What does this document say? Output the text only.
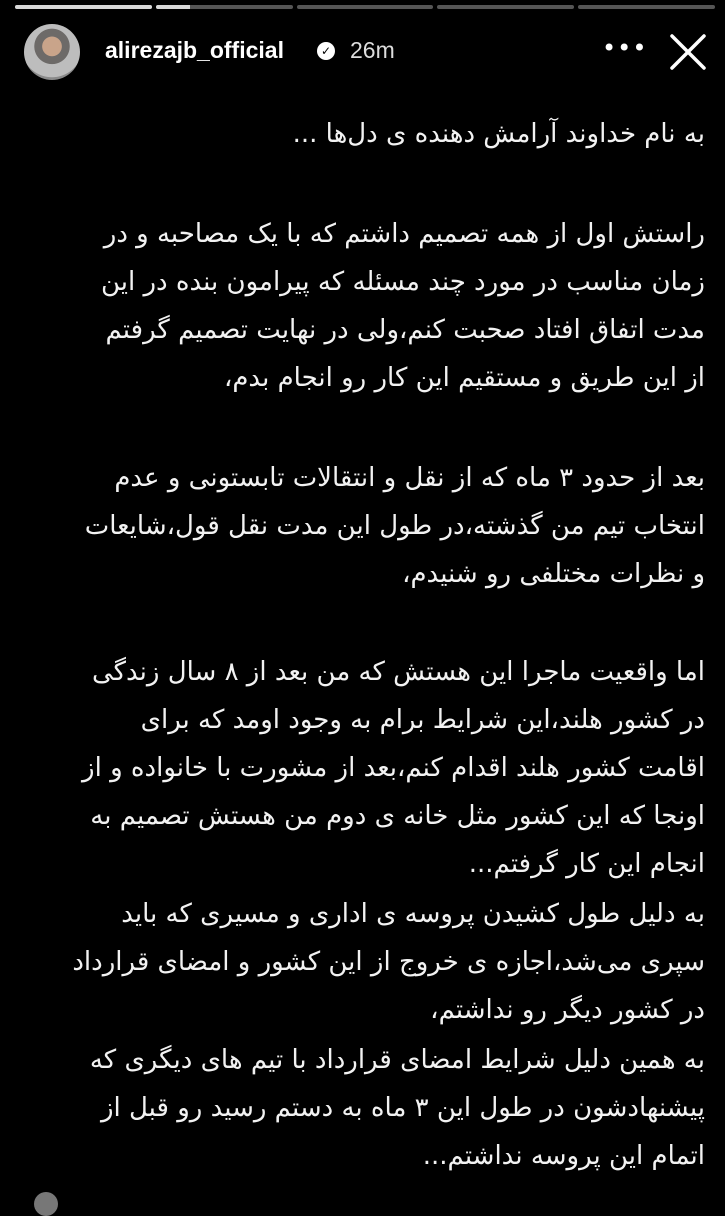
alirezajb_official	✓ 26m	•••
به نام خداوند آرامش دهنده ی دل‌ها ...
راستش اول از همه تصمیم داشتم که با یک مصاحبه و در
زمان مناسب در مورد چند مسئله که پیرامون بنده در این
مدت اتفاق افتاد صحبت کنم،ولی در نهایت تصمیم گرفتم
از این طریق و مستقیم این کار رو انجام بدم،
بعد از حدود ۳ ماه که از نقل و انتقالات تابستونی و عدم
انتخاب تیم من گذشته،در طول این مدت نقل قول،شایعات
و نظرات مختلفی رو شنیدم،
اما واقعیت ماجرا این هستش که من بعد از ۸ سال زندگی
در کشور هلند،این شرایط برام به وجود اومد که برای
اقامت کشور هلند اقدام کنم،بعد از مشورت با خانواده و از
اونجا که این کشور مثل خانه ی دوم من هستش تصمیم به
انجام این کار گرفتم...
به دلیل طول کشیدن پروسه ی اداری و مسیری که باید
سپری می‌شد،اجازه ی خروج از این کشور و امضای قرارداد
در کشور دیگر رو نداشتم،
به همین دلیل شرایط امضای قرارداد با تیم های دیگری که
پیشنهادشون در طول این ۳ ماه به دستم رسید رو قبل از
اتمام این پروسه نداشتم...
